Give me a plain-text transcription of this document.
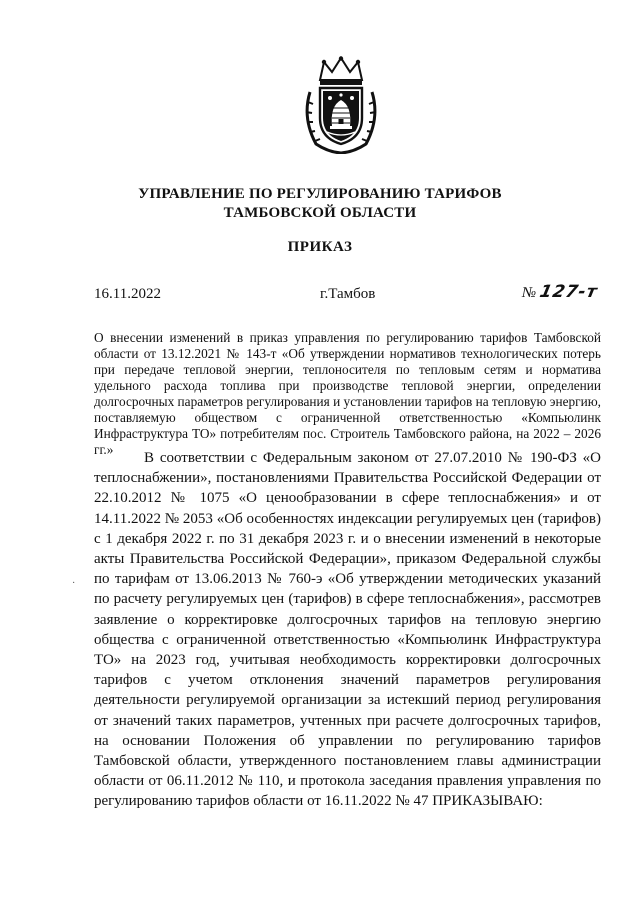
УПРАВЛЕНИЕ ПО РЕГУЛИРОВАНИЮ ТАРИФОВ
ТАМБОВСКОЙ ОБЛАСТИ
ПРИКАЗ
16.11.2022	г.Тамбов	№ 127-т
О внесении изменений в приказ управления по регулированию тарифов Тамбовской области от 13.12.2021 № 143-т «Об утверждении нормативов технологических потерь при передаче тепловой энергии, теплоносителя по тепловым сетям и норматива удельного расхода топлива при производстве тепловой энергии, определении долгосрочных параметров регулирования и установлении тарифов на тепловую энергию, поставляемую обществом с ограниченной ответственностью «Компьюлинк Инфраструктура ТО» потребителям пос. Строитель Тамбовского района, на 2022 – 2026 гг.»
В соответствии с Федеральным законом от 27.07.2010 № 190-ФЗ «О теплоснабжении», постановлениями Правительства Российской Федерации от 22.10.2012 № 1075 «О ценообразовании в сфере теплоснабжения» и от 14.11.2022 № 2053 «Об особенностях индексации регулируемых цен (тарифов) с 1 декабря 2022 г. по 31 декабря 2023 г. и о внесении изменений в некоторые акты Правительства Российской Федерации», приказом Федеральной службы по тарифам от 13.06.2013 № 760-э «Об утверждении методических указаний по расчету регулируемых цен (тарифов) в сфере теплоснабжения», рассмотрев заявление о корректировке долгосрочных тарифов на тепловую энергию общества с ограниченной ответственностью «Компьюлинк Инфраструктура ТО» на 2023 год, учитывая необходимость корректировки долгосрочных тарифов с учетом отклонения значений параметров регулирования деятельности регулируемой организации за истекший период регулирования от значений таких параметров, учтенных при расчете долгосрочных тарифов, на основании Положения об управлении по регулированию тарифов Тамбовской области, утвержденного постановлением главы администрации области от 06.11.2012 № 110, и протокола заседания правления управления по регулированию тарифов области от 16.11.2022 № 47 ПРИКАЗЫВАЮ:
·
